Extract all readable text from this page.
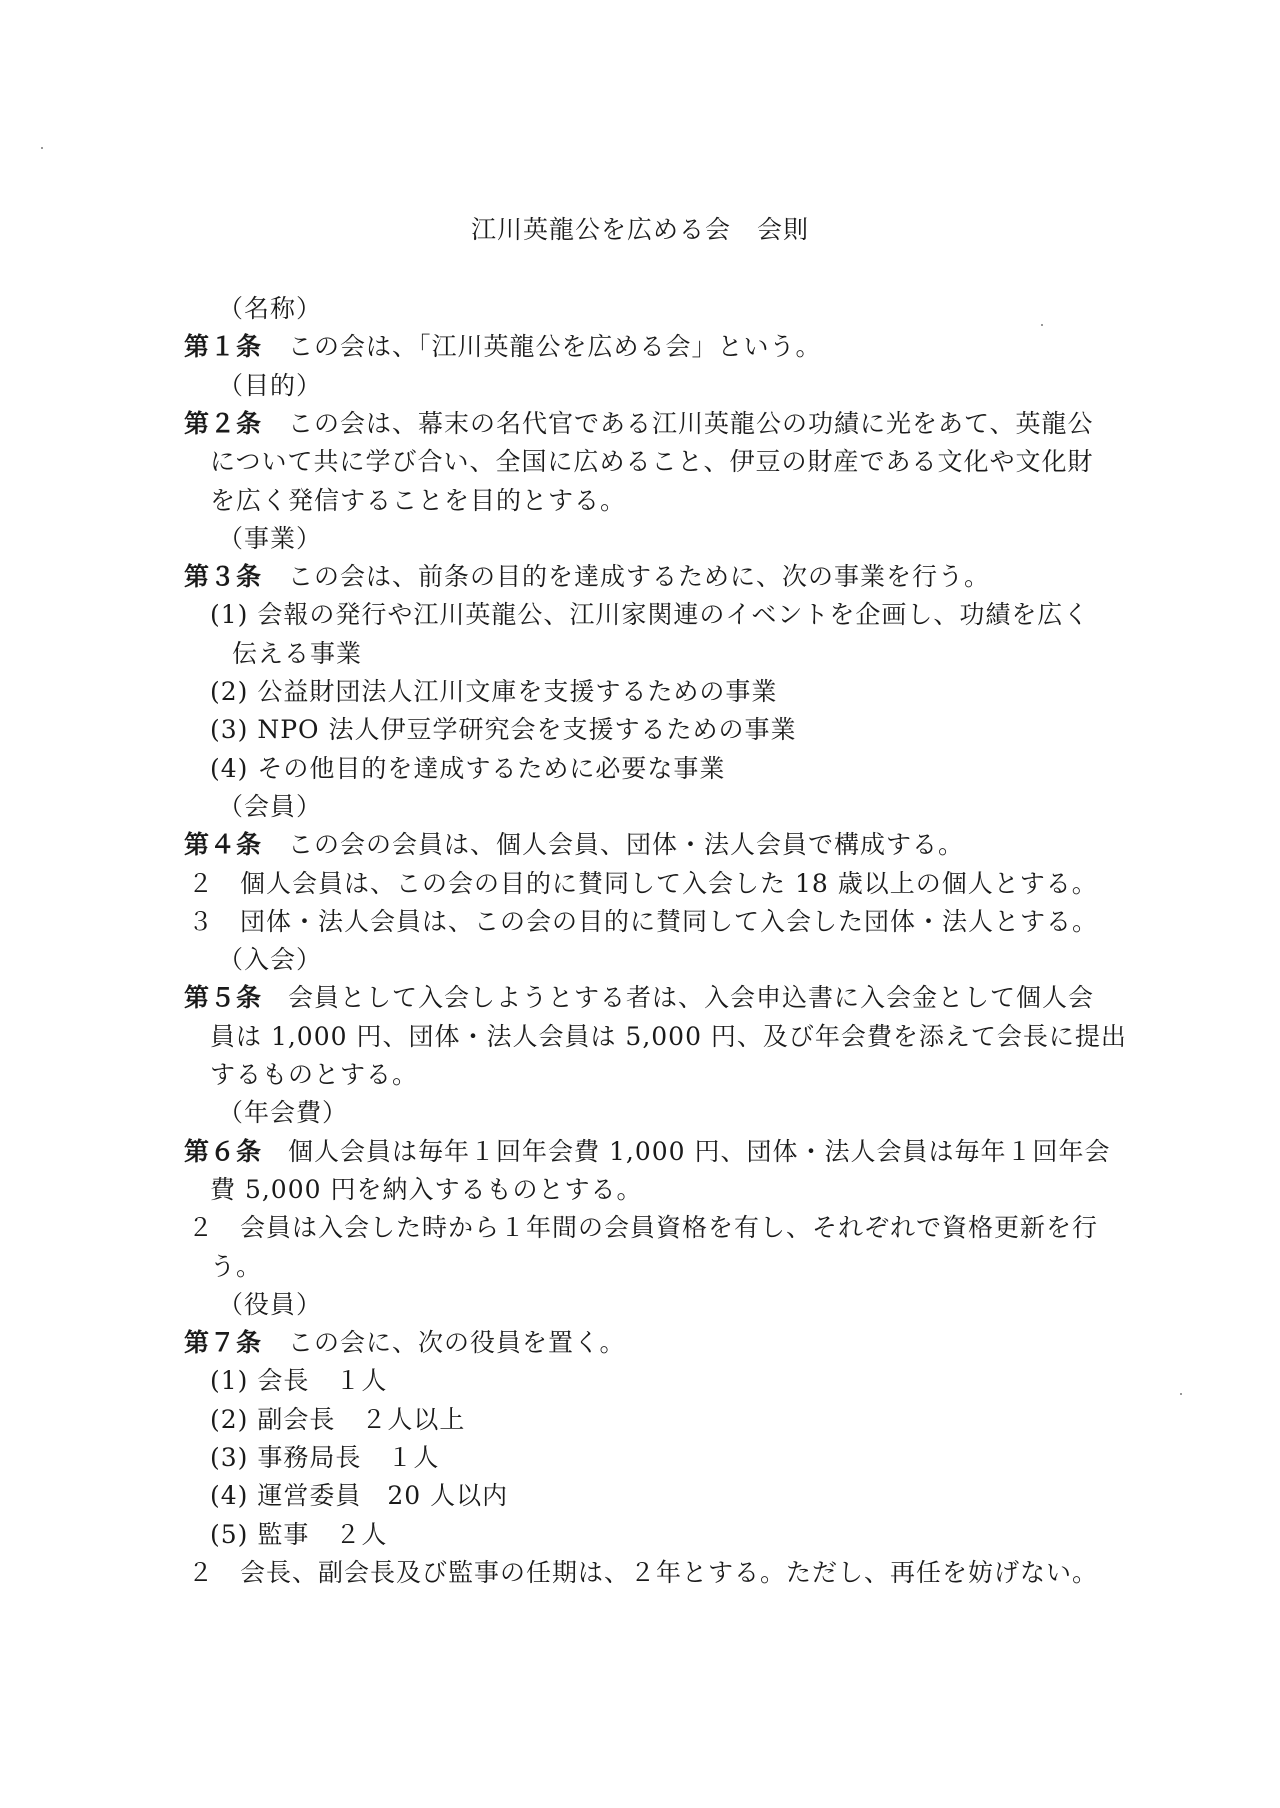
江川英龍公を広める会　会則
（名称）
第１条　 この会は、「江川英龍公を広める会」という。
（目的）
第２条　 この会は、幕末の名代官である江川英龍公の功績に光をあて、英龍公
について共に学び合い、全国に広めること、伊豆の財産である文化や文化財
を広く発信することを目的とする。
（事業）
第３条　 この会は、前条の目的を達成するために、次の事業を行う。
(1) 会報の発行や江川英龍公、江川家関連のイベントを企画し、功績を広く
伝える事業
(2) 公益財団法人江川文庫を支援するための事業
(3) NPO 法人伊豆学研究会を支援するための事業
(4) その他目的を達成するために必要な事業
（会員）
第４条　 この会の会員は、個人会員、団体・法人会員で構成する。
２　個人会員は、この会の目的に賛同して入会した 18 歳以上の個人とする。
３　団体・法人会員は、この会の目的に賛同して入会した団体・法人とする。
（入会）
第５条　 会員として入会しようとする者は、入会申込書に入会金として個人会
員は 1,000 円、団体・法人会員は 5,000 円、及び年会費を添えて会長に提出
するものとする。
（年会費）
第６条　 個人会員は毎年１回年会費 1,000 円、団体・法人会員は毎年１回年会
費 5,000 円を納入するものとする。
２　会員は入会した時から１年間の会員資格を有し、それぞれで資格更新を行
う。
（役員）
第７条　 この会に、次の役員を置く。
(1) 会長　１人
(2) 副会長　２人以上
(3) 事務局長　１人
(4) 運営委員　20 人以内
(5) 監事　２人
２　会長、副会長及び監事の任期は、２年とする。ただし、再任を妨げない。
